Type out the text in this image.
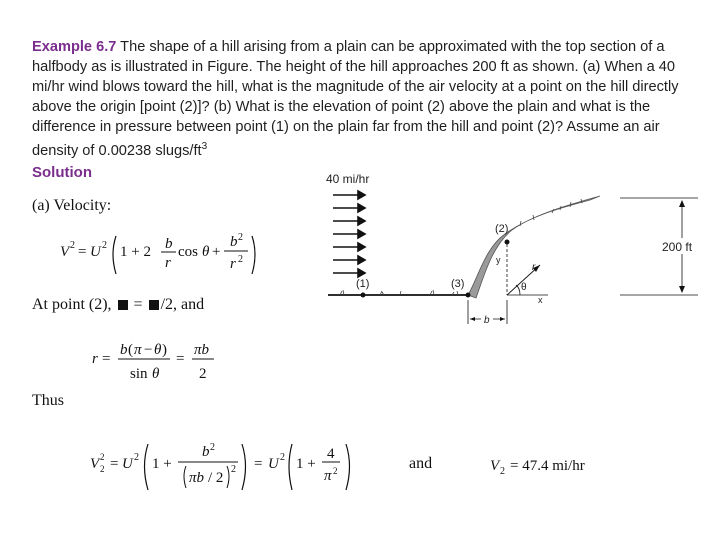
Example 6.7 The shape of a hill arising from a plain can be approximated with the top section of a halfbody as is illustrated in Figure. The height of the hill approaches 200 ft as shown. (a) When a 40 mi/hr wind blows toward the hill, what is the magnitude of the air velocity at a point on the hill directly above the origin [point (2)]? (b) What is the elevation of point (2) above the plain and what is the difference in pressure between point (1) on the plain far from the hill and point (2)? Assume an air density of 0.00238 slugs/$ft^3$
Solution
(a) Velocity:
V 2 = U 2 1 + 2 b
r
cos θ +
b 2
r 2
At point (2), = /2, and
r =
b ( π − θ )
sin θ
=
πb
2
Thus
V 2
2 = U 2 1 +
b 2
πb / 2
2 = U 2 1 +
4
π 2	and	V 2 = 47.4 mi/hr
40 mi/hr
(1)	(3)
(2)
y
x
r
θ
b
200 ft
